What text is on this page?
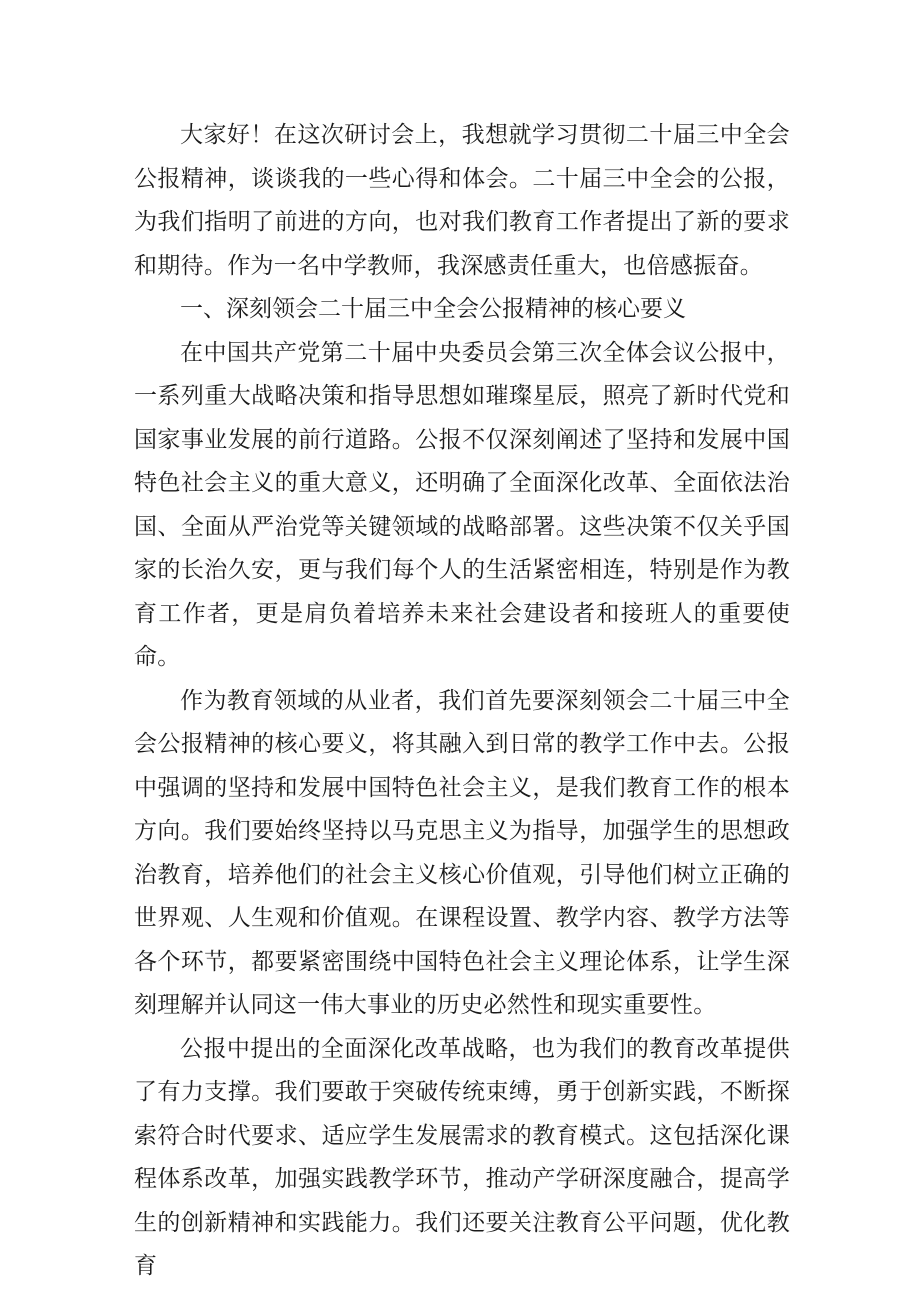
大家好！在这次研讨会上，我想就学习贯彻二十届三中全会公报精神，谈谈我的一些心得和体会。二十届三中全会的公报，为我们指明了前进的方向，也对我们教育工作者提出了新的要求和期待。作为一名中学教师，我深感责任重大，也倍感振奋。

一、深刻领会二十届三中全会公报精神的核心要义

在中国共产党第二十届中央委员会第三次全体会议公报中，一系列重大战略决策和指导思想如璀璨星辰，照亮了新时代党和国家事业发展的前行道路。公报不仅深刻阐述了坚持和发展中国特色社会主义的重大意义，还明确了全面深化改革、全面依法治国、全面从严治党等关键领域的战略部署。这些决策不仅关乎国家的长治久安，更与我们每个人的生活紧密相连，特别是作为教育工作者，更是肩负着培养未来社会建设者和接班人的重要使命。

作为教育领域的从业者，我们首先要深刻领会二十届三中全会公报精神的核心要义，将其融入到日常的教学工作中去。公报中强调的坚持和发展中国特色社会主义，是我们教育工作的根本方向。我们要始终坚持以马克思主义为指导，加强学生的思想政治教育，培养他们的社会主义核心价值观，引导他们树立正确的世界观、人生观和价值观。在课程设置、教学内容、教学方法等各个环节，都要紧密围绕中国特色社会主义理论体系，让学生深刻理解并认同这一伟大事业的历史必然性和现实重要性。

公报中提出的全面深化改革战略，也为我们的教育改革提供了有力支撑。我们要敢于突破传统束缚，勇于创新实践，不断探索符合时代要求、适应学生发展需求的教育模式。这包括深化课程体系改革，加强实践教学环节，推动产学研深度融合，提高学生的创新精神和实践能力。我们还要关注教育公平问题，优化教育
